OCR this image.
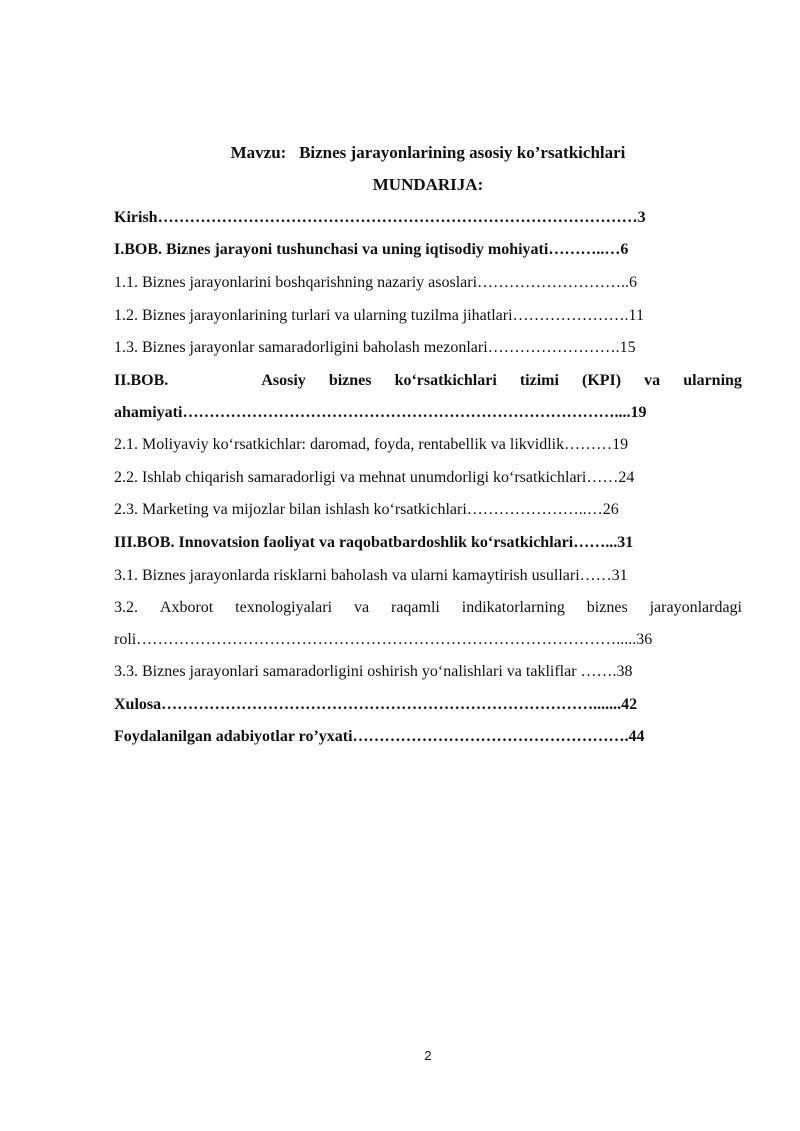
Mavzu:   Biznes jarayonlarining asosiy ko’rsatkichlari
MUNDARIJA:
Kirish………………………………………………………………………………3
I.BOB. Biznes jarayoni tushunchasi va uning iqtisodiy mohiyati………..…6
1.1. Biznes jarayonlarini boshqarishning nazariy asoslari………………………..6
1.2. Biznes jarayonlarining turlari va ularning tuzilma jihatlari………………….11
1.3. Biznes jarayonlar samaradorligini baholash mezonlari…………………….15
II.BOB.	Asosiy biznes ko‘rsatkichlari tizimi (KPI) va ularning
ahamiyati………………………………………………………………………....19
2.1. Moliyaviy ko‘rsatkichlar: daromad, foyda, rentabellik va likvidlik………19
2.2. Ishlab chiqarish samaradorligi va mehnat unumdorligi ko‘rsatkichlari……24
2.3. Marketing va mijozlar bilan ishlash ko‘rsatkichlari…………………..…26
III.BOB. Innovatsion faoliyat va raqobatbardoshlik ko‘rsatkichlari……...31
3.1. Biznes jarayonlarda risklarni baholash va ularni kamaytirish usullari……31
3.2. Axborot texnologiyalari va raqamli indikatorlarning biznes jarayonlardagi
roli……………………………………………………………………………….....36
3.3. Biznes jarayonlari samaradorligini oshirish yo‘nalishlari va takliflar …….38
Xulosa……………………………………………………………………….......42
Foydalanilgan adabiyotlar ro’yxati…………………………………………….44
2
